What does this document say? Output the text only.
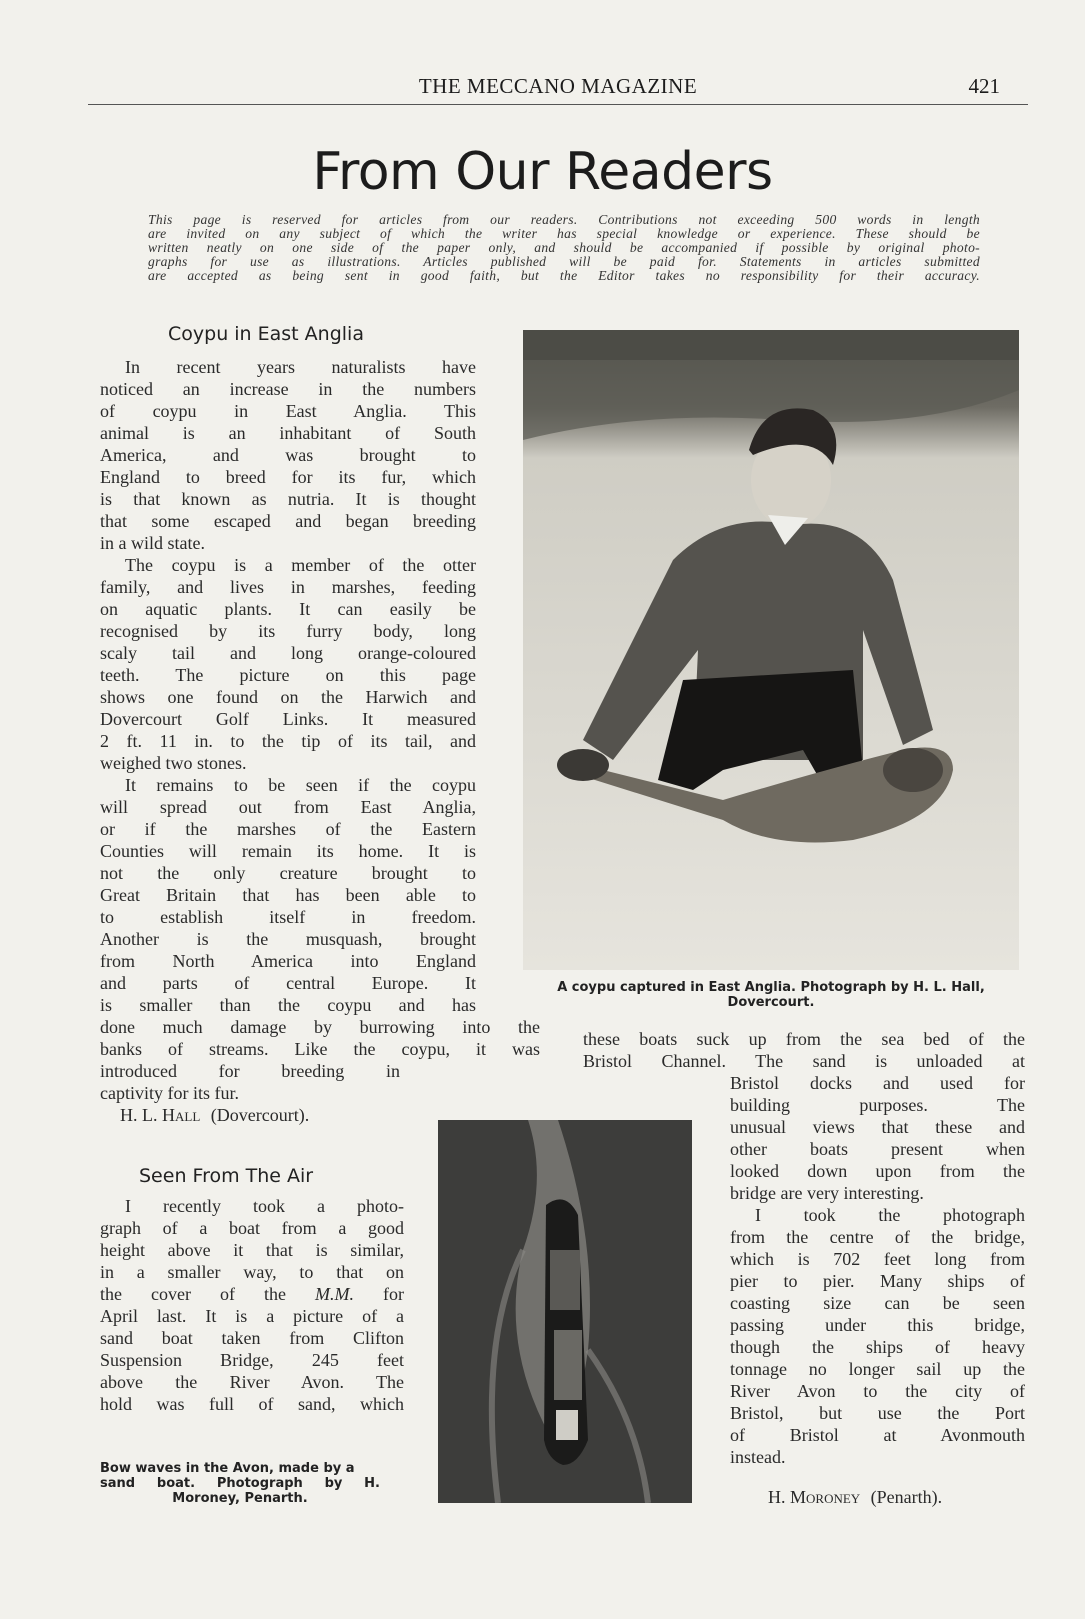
THE MECCANO MAGAZINE	421
From Our Readers
This page is reserved for articles from our readers. Contributions not exceeding 500 words in length
are invited on any subject of which the writer has special knowledge or experience. These should be
written neatly on one side of the paper only, and should be accompanied if possible by original photo-
graphs for use as illustrations. Articles published will be paid for. Statements in articles submitted
are accepted as being sent in good faith, but the Editor takes no responsibility for their accuracy.
Coypu in East Anglia
In recent years naturalists have
noticed an increase in the numbers
of coypu in East Anglia. This
animal is an inhabitant of South
America, and was brought to
England to breed for its fur, which
is that known as nutria. It is thought
that some escaped and began breeding
in a wild state.
The coypu is a member of the otter
family, and lives in marshes, feeding
on aquatic plants. It can easily be
recognised by its furry body, long
scaly tail and long orange-coloured
teeth. The picture on this page
shows one found on the Harwich and
Dovercourt Golf Links. It measured
2 ft. 11 in. to the tip of its tail, and
weighed two stones.
It remains to be seen if the coypu
will spread out from East Anglia,
or if the marshes of the Eastern
Counties will remain its home. It is
not the only creature brought to
Great Britain that has been able to
to establish itself in freedom.
Another is the musquash, brought
from North America into England
and parts of central Europe. It
is smaller than the coypu and has
done much damage by burrowing into the
banks of streams. Like the coypu, it was
introduced for breeding in
captivity for its fur.
H. L. Hall (Dovercourt).
A coypu captured in East Anglia. Photograph by H. L. Hall,
Dovercourt.
Seen From The Air
I recently took a photo-
graph of a boat from a good
height above it that is similar,
in a smaller way, to that on
the cover of the M.M. for
April last. It is a picture of a
sand boat taken from Clifton
Suspension Bridge, 245 feet
above the River Avon. The
hold was full of sand, which
Bow waves in the Avon, made by a
sand boat. Photograph by H.
Moroney, Penarth.
these boats suck up from the sea bed of the
Bristol Channel. The sand is unloaded at
Bristol docks and used for
building purposes. The
unusual views that these and
other boats present when
looked down upon from the
bridge are very interesting.
I took the photograph
from the centre of the bridge,
which is 702 feet long from
pier to pier. Many ships of
coasting size can be seen
passing under this bridge,
though the ships of heavy
tonnage no longer sail up the
River Avon to the city of
Bristol, but use the Port
of Bristol at Avonmouth
instead.
H. Moroney (Penarth).
